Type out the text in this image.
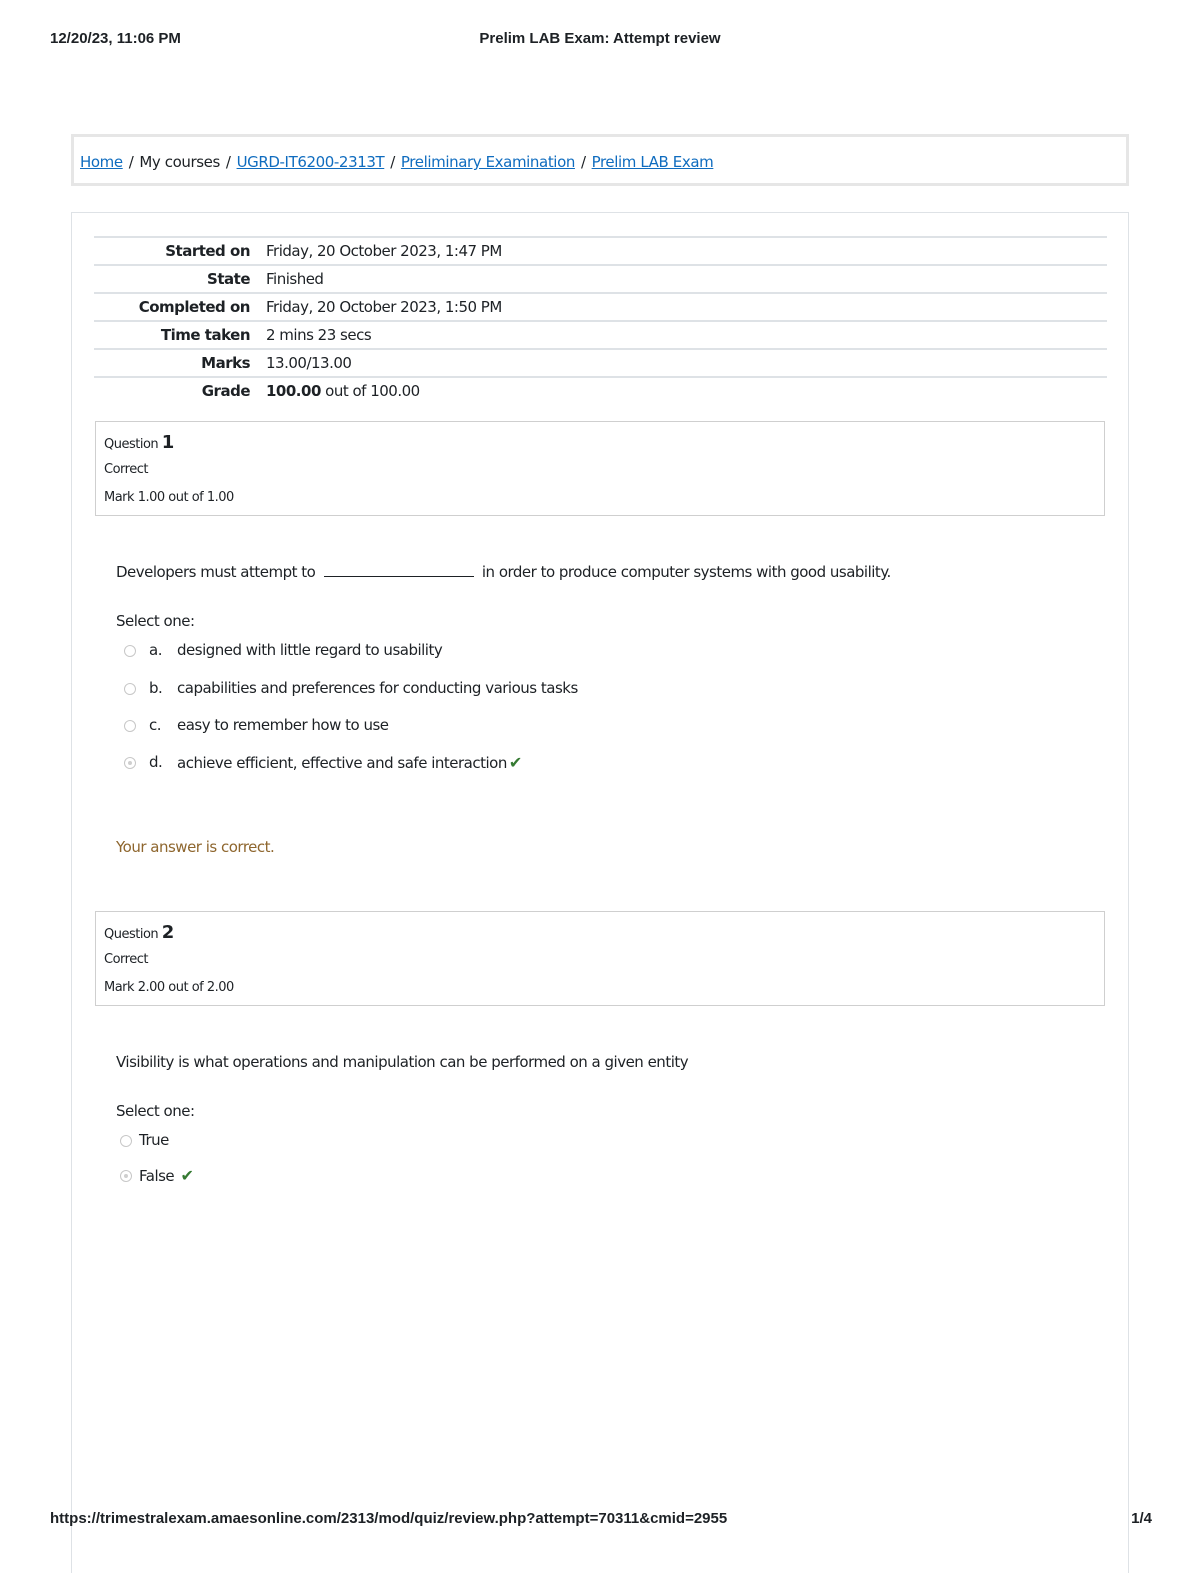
12/20/23, 11:06 PM	Prelim LAB Exam: Attempt review
Home / My courses / UGRD-IT6200-2313T / Preliminary Examination / Prelim LAB Exam
Started on Friday, 20 October 2023, 1:47 PM
State Finished
Completed on Friday, 20 October 2023, 1:50 PM
Time taken 2 mins 23 secs
Marks 13.00/13.00
Grade 100.00 out of 100.00
Question 1
Correct
Mark 1.00 out of 1.00
Developers must attempt to	in order to produce computer systems with good usability.
Select one:
a. designed with little regard to usability
b. capabilities and preferences for conducting various tasks
c. easy to remember how to use
d. achieve efficient, effective and safe interaction ✔
Your answer is correct.
Question 2
Correct
Mark 2.00 out of 2.00
Visibility is what operations and manipulation can be performed on a given entity
Select one:
True
False ✔
https://trimestralexam.amaesonline.com/2313/mod/quiz/review.php?attempt=70311&cmid=2955	1/4
